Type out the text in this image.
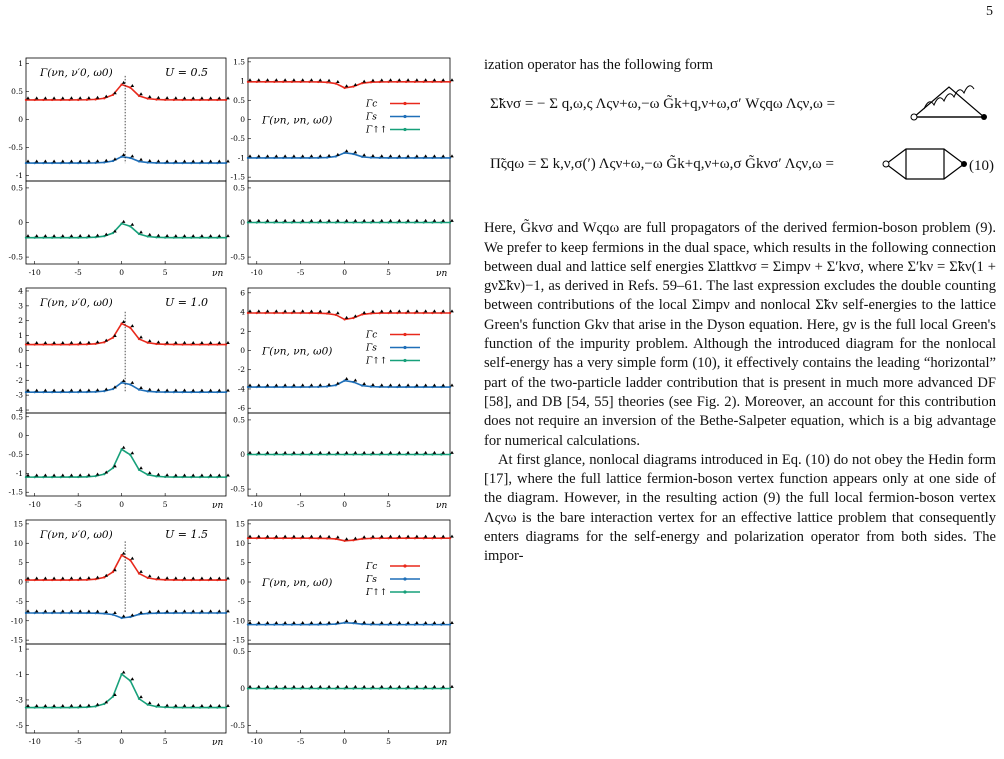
5
1
0.5
0
-0.5
-1
0.5
0
-0.5
-10	-5	0	5	νn
Γ(νn, ν′0, ω0)	U = 0.5
1.5
1
0.5
0
-0.5
-1
-1.5
0.5
0
-0.5
-10	-5	0	5	νn
Γ(νn, νn, ω0)
Γc
Γs
Γ↑↑
4
3
2
1
0
-1
-2
-3
-4
0.5
0
-0.5
-1
-1.5
-10	-5	0	5	νn
Γ(νn, ν′0, ω0)	U = 1.0
6
4
2
0
-2
-4
-6
0.5
0
-0.5
-10	-5	0	5	νn
Γ(νn, νn, ω0)
Γc
Γs
Γ↑↑
15
10
5
0
-5
-10
-15
1
-1
-3
-5
-10	-5	0	5	νn
Γ(νn, ν′0, ω0)	U = 1.5
15
10
5
0
-5
-10
-15
0.5
0
-0.5
-10	-5	0	5	νn
Γ(νn, νn, ω0)
Γc
Γs
Γ↑↑

ization operator has the following form

Σ̃kνσ = − Σ q,ω,ς Λςν+ω,−ω G̃k+q,ν+ω,σ′ Wςqω Λςν,ω =
Π̃ςqω = Σ k,ν,σ(′) Λςν+ω,−ω G̃k+q,ν+ω,σ G̃kνσ′ Λςν,ω =	(10)

Here, G̃kνσ and Wςqω are full propagators of the derived fermion-boson problem (9). We prefer to keep fermions in the dual space, which results in the following connection between dual and lattice self energies Σlattkνσ = Σimpν + Σ′kνσ, where Σ′kν = Σ̃kν(1 + gνΣ̃kν)−1, as derived in Refs. 59–61. The last expression excludes the double counting between contributions of the local Σimpν and nonlocal Σ̃kν self-energies to the lattice Green's function Gkν that arise in the Dyson equation. Here, gν is the full local Green's function of the impurity problem. Although the introduced diagram for the nonlocal self-energy has a very simple form (10), it effectively contains the leading “horizontal” part of the two-particle ladder contribution that is present in much more advanced DF [58], and DB [54, 55] theories (see Fig. 2). Moreover, an account for this contribution does not require an inversion of the Bethe-Salpeter equation, which is a big advantage for numerical calculations.

At first glance, nonlocal diagrams introduced in Eq. (10) do not obey the Hedin form [17], where the full lattice fermion-boson vertex function appears only at one side of the diagram. However, in the resulting action (9) the full local fermion-boson vertex Λςνω is the bare interaction vertex for an effective lattice problem that consequently enters diagrams for the self-energy and polarization operator from both sides. The impor-
